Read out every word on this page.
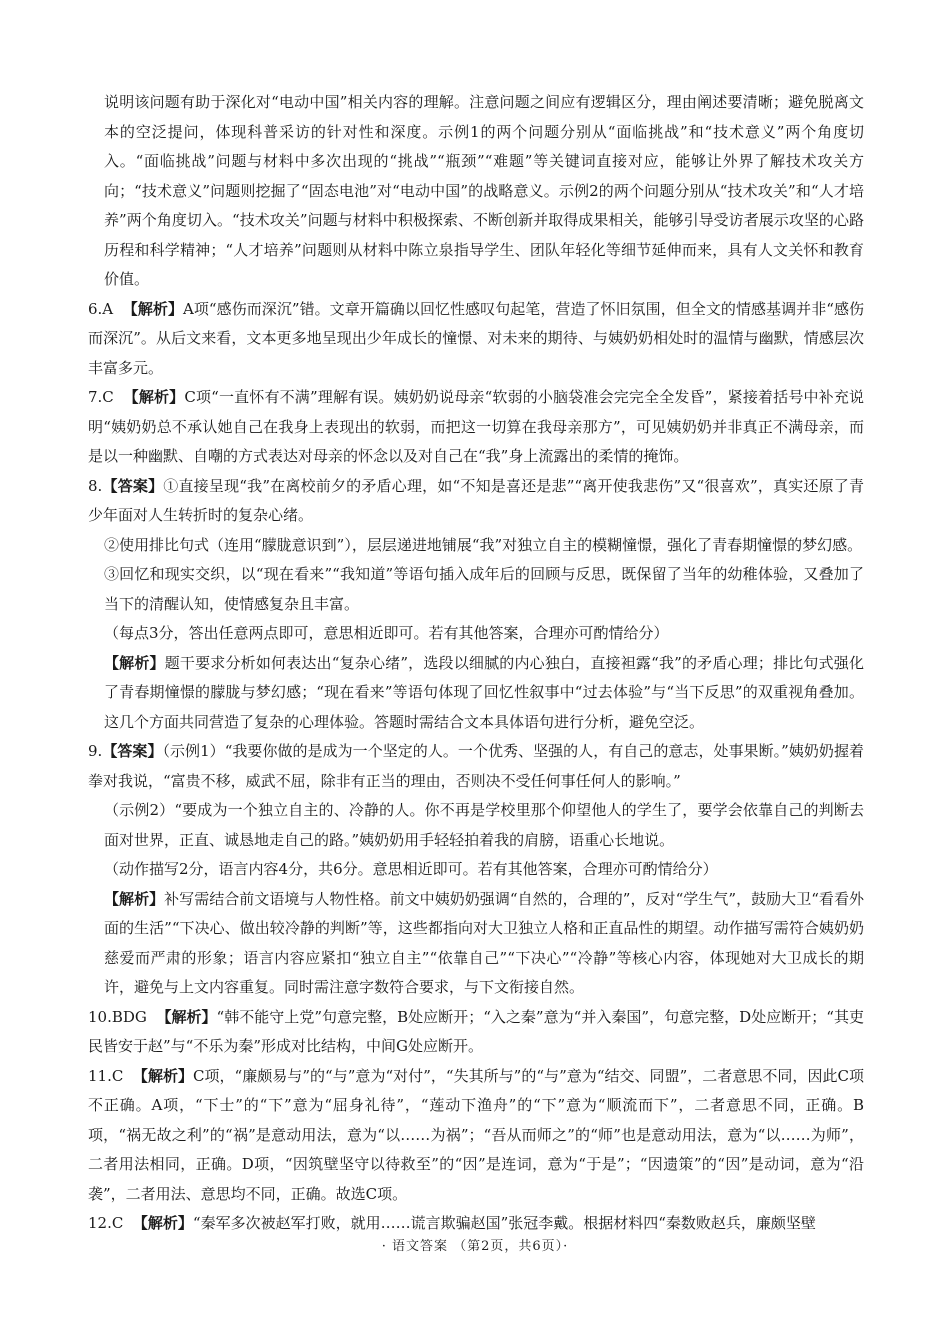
说明该问题有助于深化对“电动中国”相关内容的理解。注意问题之间应有逻辑区分，理由阐述要清晰；避免脱离文本的空泛提问，体现科普采访的针对性和深度。示例1的两个问题分别从“面临挑战”和“技术意义”两个角度切入。“面临挑战”问题与材料中多次出现的“挑战”“瓶颈”“难题”等关键词直接对应，能够让外界了解技术攻关方向；“技术意义”问题则挖掘了“固态电池”对“电动中国”的战略意义。示例2的两个问题分别从“技术攻关”和“人才培养”两个角度切入。“技术攻关”问题与材料中积极探索、不断创新并取得成果相关，能够引导受访者展示攻坚的心路历程和科学精神；“人才培养”问题则从材料中陈立泉指导学生、团队年轻化等细节延伸而来，具有人文关怀和教育价值。

6.A 【解析】A项“感伤而深沉”错。文章开篇确以回忆性感叹句起笔，营造了怀旧氛围，但全文的情感基调并非“感伤而深沉”。从后文来看，文本更多地呈现出少年成长的憧憬、对未来的期待、与姨奶奶相处时的温情与幽默，情感层次丰富多元。

7.C 【解析】C项“一直怀有不满”理解有误。姨奶奶说母亲“软弱的小脑袋准会完完全全发昏”，紧接着括号中补充说明“姨奶奶总不承认她自己在我身上表现出的软弱，而把这一切算在我母亲那方”，可见姨奶奶并非真正不满母亲，而是以一种幽默、自嘲的方式表达对母亲的怀念以及对自己在“我”身上流露出的柔情的掩饰。

8.【答案】①直接呈现“我”在离校前夕的矛盾心理，如“不知是喜还是悲”“离开使我悲伤”又“很喜欢”，真实还原了青少年面对人生转折时的复杂心绪。

②使用排比句式（连用“朦胧意识到”），层层递进地铺展“我”对独立自主的模糊憧憬，强化了青春期憧憬的梦幻感。

③回忆和现实交织，以“现在看来”“我知道”等语句插入成年后的回顾与反思，既保留了当年的幼稚体验，又叠加了当下的清醒认知，使情感复杂且丰富。

（每点3分，答出任意两点即可，意思相近即可。若有其他答案，合理亦可酌情给分）

【解析】题干要求分析如何表达出“复杂心绪”，选段以细腻的内心独白，直接袒露“我”的矛盾心理；排比句式强化了青春期憧憬的朦胧与梦幻感；“现在看来”等语句体现了回忆性叙事中“过去体验”与“当下反思”的双重视角叠加。这几个方面共同营造了复杂的心理体验。答题时需结合文本具体语句进行分析，避免空泛。

9.【答案】（示例1）“我要你做的是成为一个坚定的人。一个优秀、坚强的人，有自己的意志，处事果断。”姨奶奶握着拳对我说，“富贵不移，威武不屈，除非有正当的理由，否则决不受任何事任何人的影响。”

（示例2）“要成为一个独立自主的、冷静的人。你不再是学校里那个仰望他人的学生了，要学会依靠自己的判断去面对世界，正直、诚恳地走自己的路。”姨奶奶用手轻轻拍着我的肩膀，语重心长地说。

（动作描写2分，语言内容4分，共6分。意思相近即可。若有其他答案，合理亦可酌情给分）

【解析】补写需结合前文语境与人物性格。前文中姨奶奶强调“自然的，合理的”，反对“学生气”，鼓励大卫“看看外面的生活”“下决心、做出较冷静的判断”等，这些都指向对大卫独立人格和正直品性的期望。动作描写需符合姨奶奶慈爱而严肃的形象；语言内容应紧扣“独立自主”“依靠自己”“下决心”“冷静”等核心内容，体现她对大卫成长的期许，避免与上文内容重复。同时需注意字数符合要求，与下文衔接自然。

10.BDG 【解析】“韩不能守上党”句意完整，B处应断开；“入之秦”意为“并入秦国”，句意完整，D处应断开；“其吏民皆安于赵”与“不乐为秦”形成对比结构，中间G处应断开。

11.C 【解析】C项，“廉颇易与”的“与”意为“对付”，“失其所与”的“与”意为“结交、同盟”，二者意思不同，因此C项不正确。A项，“下士”的“下”意为“屈身礼待”，“莲动下渔舟”的“下”意为“顺流而下”，二者意思不同，正确。B项，“祸无故之利”的“祸”是意动用法，意为“以……为祸”；“吾从而师之”的“师”也是意动用法，意为“以……为师”，二者用法相同，正确。D项，“因筑壁坚守以待救至”的“因”是连词，意为“于是”；“因遗策”的“因”是动词，意为“沿袭”，二者用法、意思均不同，正确。故选C项。

12.C 【解析】“秦军多次被赵军打败，就用……谎言欺骗赵国”张冠李戴。根据材料四“秦数败赵兵，廉颇坚壁

· 语文答案 （第2页，共6页）·
